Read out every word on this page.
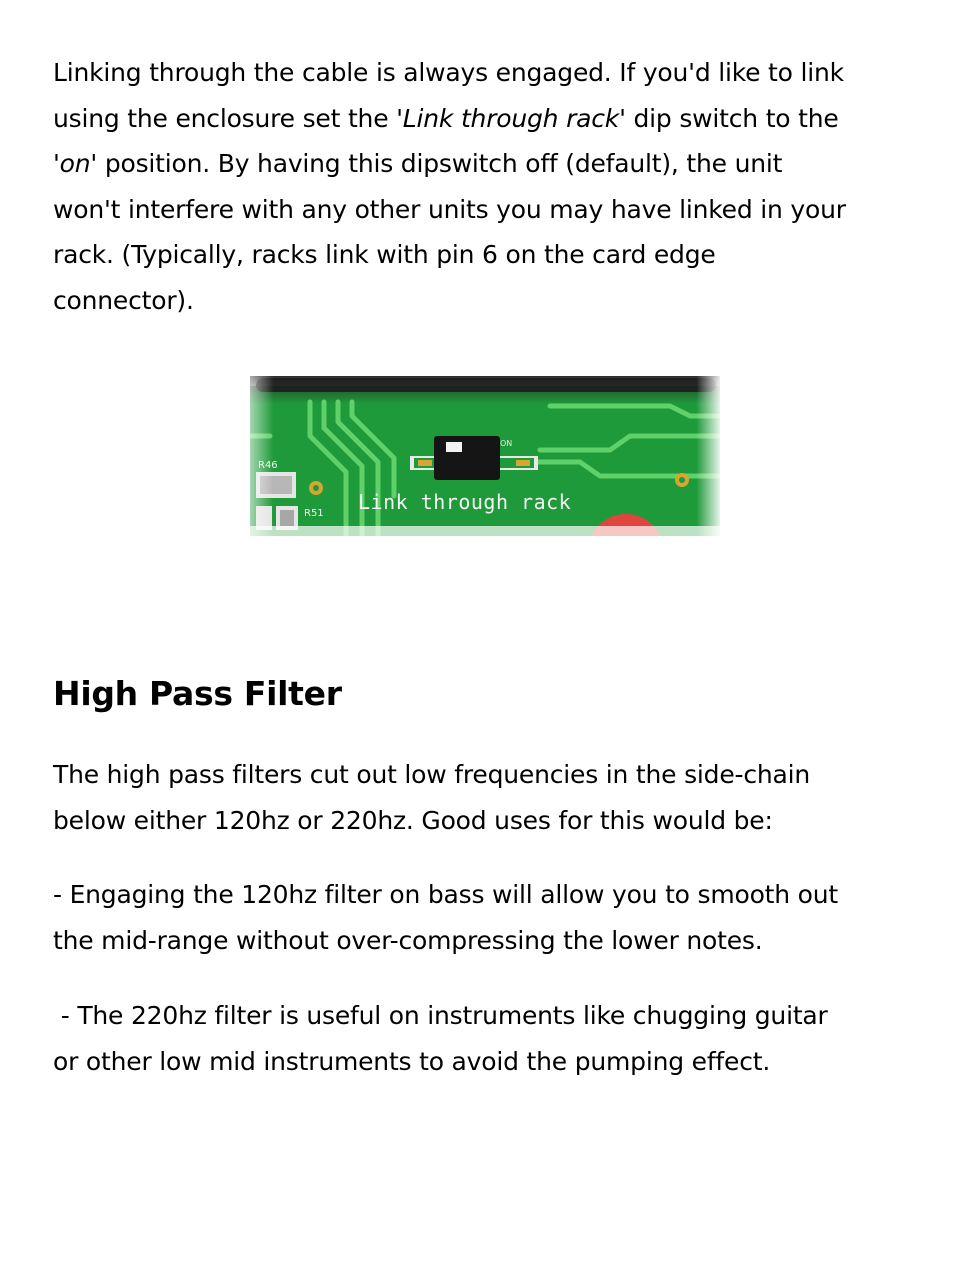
Linking through the cable is always engaged. If you'd like to link
using the enclosure set the 'Link through rack' dip switch to the
'on' position. By having this dipswitch off (default), the unit
won't interfere with any other units you may have linked in your
rack. (Typically, racks link with pin 6 on the card edge
connector).

High Pass Filter

The high pass filters cut out low frequencies in the side-chain
below either 120hz or 220hz. Good uses for this would be:

- Engaging the 120hz filter on bass will allow you to smooth out
the mid-range without over-compressing the lower notes.

- The 220hz filter is useful on instruments like chugging guitar
or other low mid instruments to avoid the pumping effect.
